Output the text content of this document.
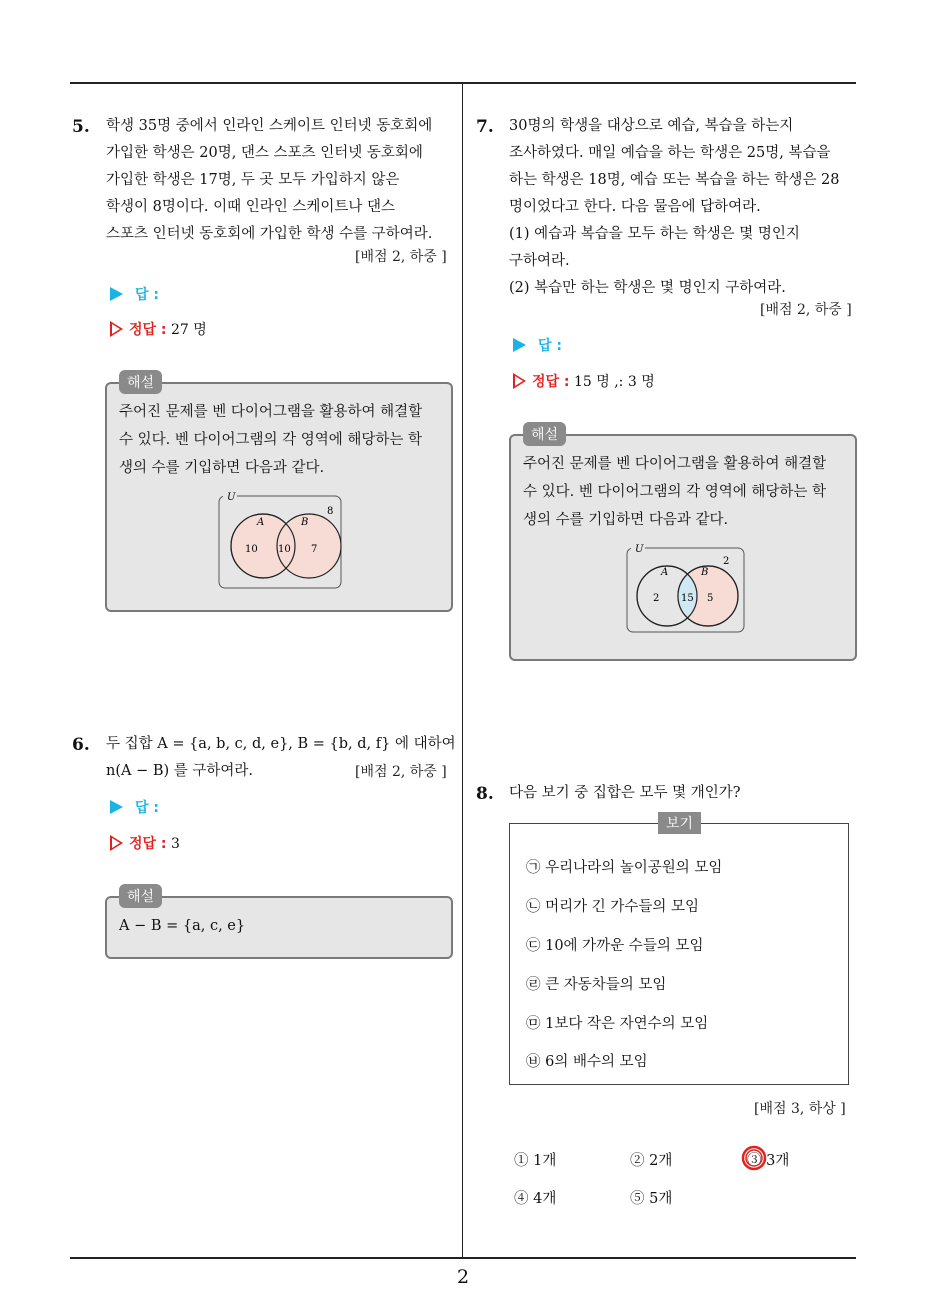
5. 학생 35명 중에서 인라인 스케이트 인터넷 동호회에
가입한 학생은 20명, 댄스 스포츠 인터넷 동호회에
가입한 학생은 17명, 두 곳 모두 가입하지 않은
학생이 8명이다. 이때 인라인 스케이트나 댄스
스포츠 인터넷 동호회에 가입한 학생 수를 구하여라.
[배점 2, 하중 ]
답 :
정답 : 27 명
해설
주어진 문제를 벤 다이어그램을 활용하여 해결할
수 있다. 벤 다이어그램의 각 영역에 해당하는 학
생의 수를 기입하면 다음과 같다.
U
8
A	B
10 10 7
6. 두 집합 A = {a, b, c, d, e}, B = {b, d, f} 에 대하여
n(A − B) 를 구하여라.	[배점 2, 하중 ]
답 :
정답 : 3
해설
A − B = {a, c, e}
7. 30명의 학생을 대상으로 예습, 복습을 하는지
조사하였다. 매일 예습을 하는 학생은 25명, 복습을
하는 학생은 18명, 예습 또는 복습을 하는 학생은 28
명이었다고 한다. 다음 물음에 답하여라.
(1) 예습과 복습을 모두 하는 학생은 몇 명인지
구하여라.
(2) 복습만 하는 학생은 몇 명인지 구하여라.
[배점 2, 하중 ]
답 :
정답 : 15 명 ,: 3 명
해설
주어진 문제를 벤 다이어그램을 활용하여 해결할
수 있다. 벤 다이어그램의 각 영역에 해당하는 학
생의 수를 기입하면 다음과 같다.
U
2
A	B
2 15 5
8. 다음 보기 중 집합은 모두 몇 개인가?
보기
㉠ 우리나라의 놀이공원의 모임
㉡ 머리가 긴 가수들의 모임
㉢ 10에 가까운 수들의 모임
㉣ 큰 자동차들의 모임
㉤ 1보다 작은 자연수의 모임
㉥ 6의 배수의 모임
[배점 3, 하상 ]
① 1개	② 2개	③ 3개
④ 4개	⑤ 5개
2
